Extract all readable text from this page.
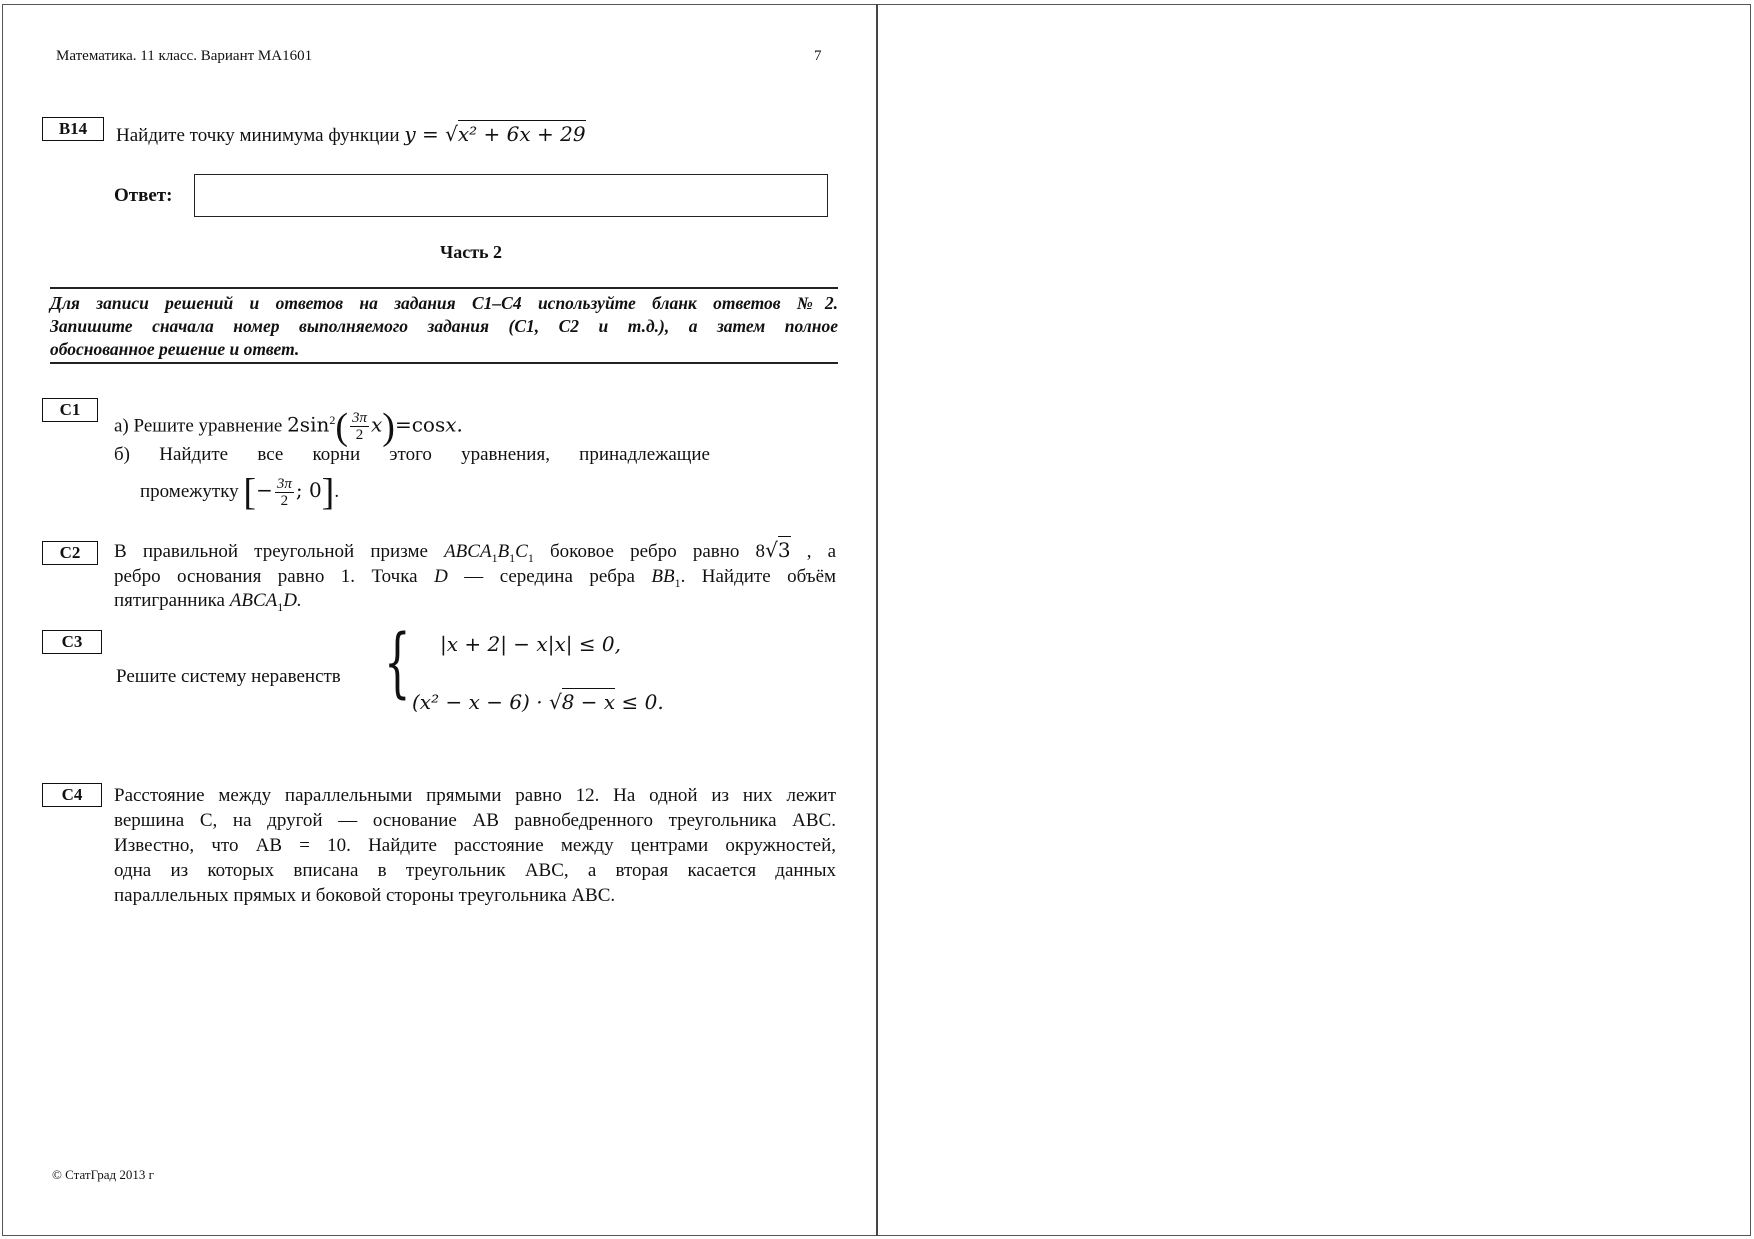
Математика. 11 класс. Вариант МА1601	7
B14	Найдите точку минимума функции y = √x² + 6x + 29
Ответ:
Часть 2
Для записи решений и ответов на задания С1–С4 используйте бланк ответов №2.
Запишите сначала номер выполняемого задания (С1, С2 и т.д.), а затем полное
обоснованное решение и ответ.
C1
а) Решите уравнение $2\sin^2( \frac{3\pi}{2} x)=\cos x$.
б) Найдите все корни этого уравнения, принадлежащие
промежутку [− $\frac{3\pi}{2}$ ; 0].
C2	В правильной треугольной призме $ABCA_1B_1C_1$ боковое ребро равно 8√3 , а
ребро основания равно 1. Точка D — середина ребра $BB_1$. Найдите объём
пятигранника $ABCA_1D$.
C3
Решите систему неравенств { |x + 2| − x|x| ≤ 0,
(x² − x − 6) · √8 − x ≤ 0.
C4	Расстояние между параллельными прямыми равно 12. На одной из них лежит
вершина C, на другой — основание AB равнобедренного треугольника ABC.
Известно, что AB = 10. Найдите расстояние между центрами окружностей,
одна из которых вписана в треугольник ABC, а вторая касается данных
параллельных прямых и боковой стороны треугольника ABC.
© СтатГрад 2013 г
